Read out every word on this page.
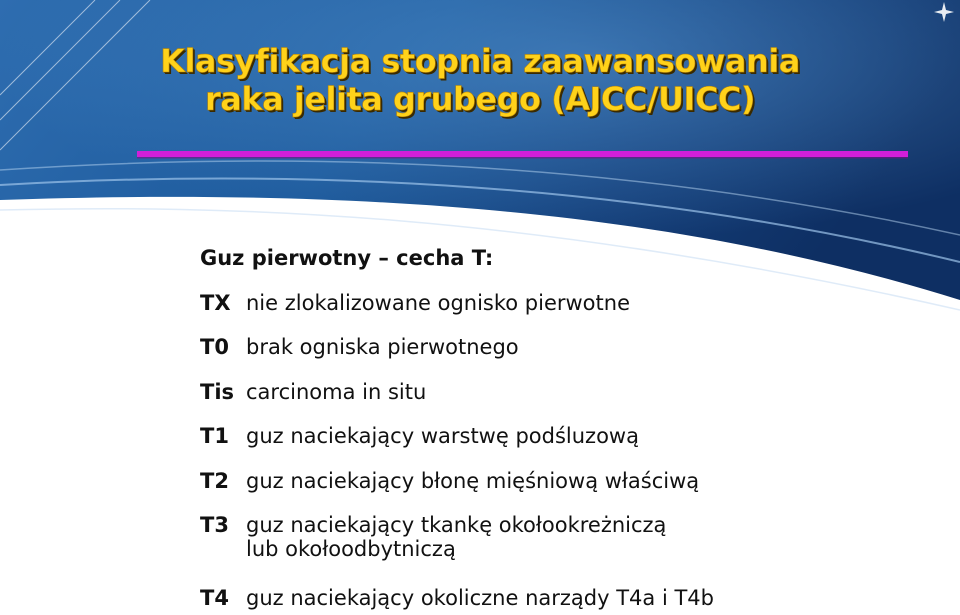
Klasyfikacja stopnia zaawansowania
raka jelita grubego (AJCC/UICC)
Guz pierwotny – cecha T:
TX nie zlokalizowane ognisko pierwotne
T0 brak ogniska pierwotnego
Tis carcinoma in situ
T1 guz naciekający warstwę podśluzową
T2 guz naciekający błonę mięśniową właściwą
T3 guz naciekający tkankę okołookreżniczą
lub okołoodbytniczą
T4 guz naciekający okoliczne narządy T4a i T4b
